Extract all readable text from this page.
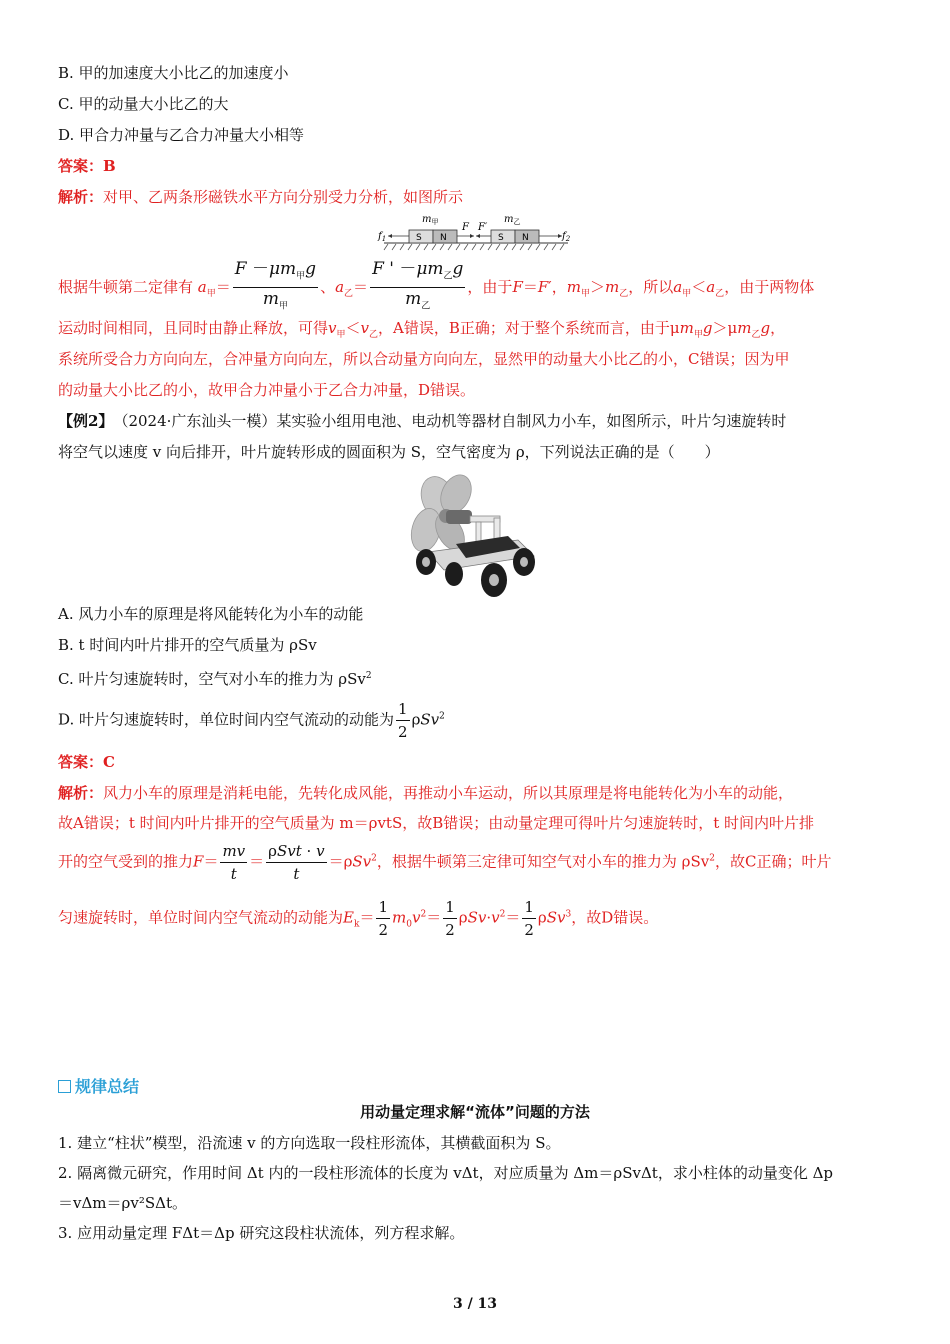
B. 甲的加速度大小比乙的加速度小
C. 甲的动量大小比乙的大
D. 甲合力冲量与乙合力冲量大小相等
答案：B
解析：对甲、乙两条形磁铁水平方向分别受力分析，如图所示
S N	S N
$f_1$	$f_2$
F F′
$m_甲$	$m_乙$
根据牛顿第二定律有 $a_甲= \frac{F -\mu m_甲g}{m_甲}$ 、$a_乙= \frac{F ' -\mu m_乙g}{m_乙}$ ，由于F＝F′，$m_甲>m_乙$，所以$a_甲<a_乙$，由于两物体
运动时间相同，且同时由静止释放，可得$v_甲<v_乙$，A错误，B正确；对于整个系统而言，由于$\mu m_甲g>\mu m_乙g$，
系统所受合力方向向左，合冲量方向向左，所以合动量方向向左，显然甲的动量大小比乙的小，C错误；因为甲
的动量大小比乙的小，故甲合力冲量小于乙合力冲量，D错误。
【例2】　 （2024·广东汕头一模）某实验小组用电池、电动机等器材自制风力小车，如图所示，叶片匀速旋转时
将空气以速度 v 向后排开，叶片旋转形成的圆面积为 S，空气密度为 ρ，下列说法正确的是（　　）
A. 风力小车的原理是将风能转化为小车的动能
B. t 时间内叶片排开的空气质量为 ρSv
C. 叶片匀速旋转时，空气对小车的推力为 ρSv$^2$
D. 叶片匀速旋转时，单位时间内空气流动的动能为 $\frac{1}{2} \rho Sv^2$
答案：C
解析：风力小车的原理是消耗电能，先转化成风能，再推动小车运动，所以其原理是将电能转化为小车的动能，
故A错误；t 时间内叶片排开的空气质量为 m＝ρvtS，故B错误；由动量定理可得叶片匀速旋转时，t 时间内叶片排
开的空气受到的推力$F= \frac{mv}{t} = \frac{\text{ρSvt · v}}{t} =\rho Sv^2$，根据牛顿第三定律可知空气对小车的推力为 ρSv$^2$，故C正确；叶片
匀速旋转时，单位时间内空气流动的动能为$E_k= \frac{1}{2} m_0v^2= \frac{1}{2} \rho Sv\cdot v^2= \frac{1}{2} \rho Sv^3$，故D错误。
规律总结
用动量定理求解“流体”问题的方法
1. 建立“柱状”模型，沿流速 v 的方向选取一段柱形流体，其横截面积为 S。
2. 隔离微元研究，作用时间 Δt 内的一段柱形流体的长度为 vΔt，对应质量为 Δm＝ρSvΔt，求小柱体的动量变化 Δp
＝vΔm＝ρv²SΔt。
3. 应用动量定理 FΔt＝Δp 研究这段柱状流体，列方程求解。
3 / 13
